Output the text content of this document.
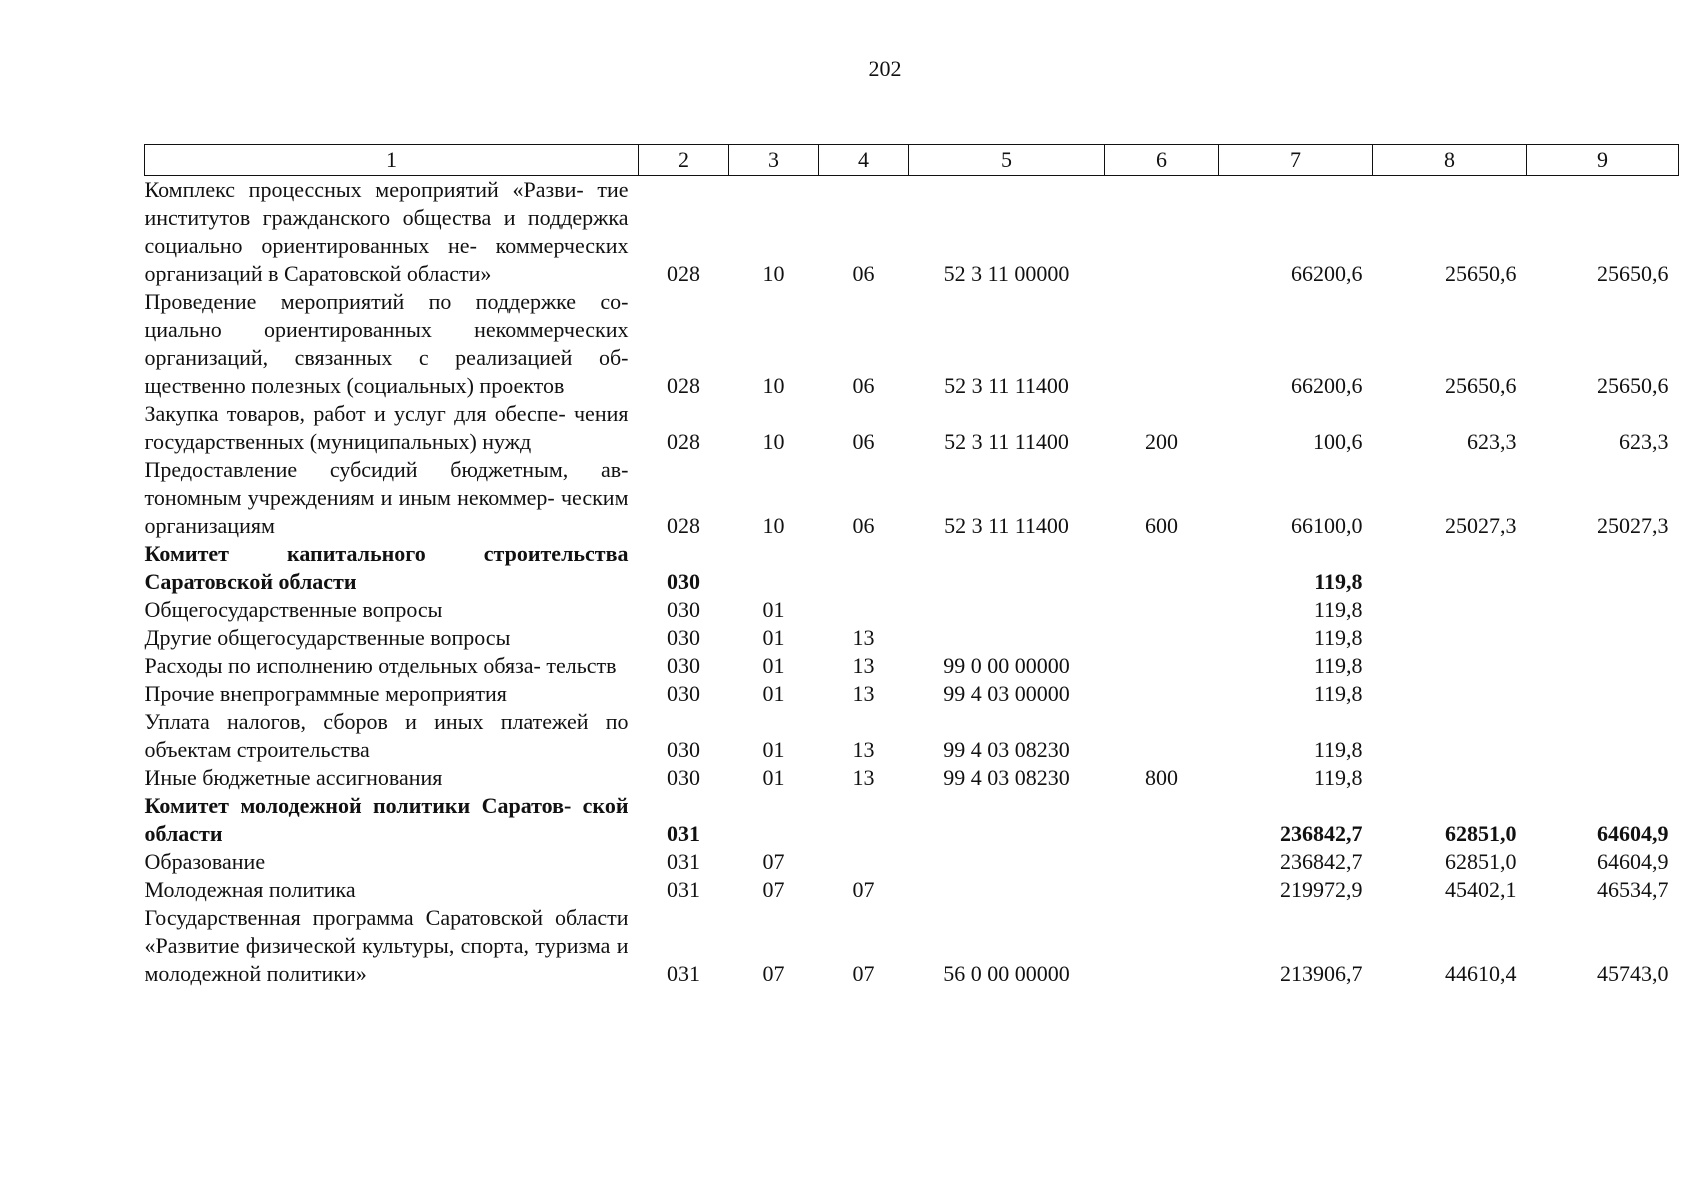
202
1	2	3	4	5	6	7	8	9
Комплекс процессных мероприятий «Разви- тие институтов гражданского общества и поддержка социально ориентированных не- коммерческих организаций в Саратовской области»	028	10	06	52 3 11 00000		66200,6	25650,6	25650,6
Проведение мероприятий по поддержке со- циально ориентированных некоммерческих организаций, связанных с реализацией об- щественно полезных (социальных) проектов	028	10	06	52 3 11 11400		66200,6	25650,6	25650,6
Закупка товаров, работ и услуг для обеспе- чения государственных (муниципальных) нужд	028	10	06	52 3 11 11400	200	100,6	623,3	623,3
Предоставление субсидий бюджетным, ав- тономным учреждениям и иным некоммер- ческим организациям	028	10	06	52 3 11 11400	600	66100,0	25027,3	25027,3
Комитет капитального строительства Саратовской области	030					119,8		
Общегосударственные вопросы	030	01				119,8		
Другие общегосударственные вопросы	030	01	13			119,8		
Расходы по исполнению отдельных обяза- тельств	030	01	13	99 0 00 00000		119,8		
Прочие внепрограммные мероприятия	030	01	13	99 4 03 00000		119,8		
Уплата налогов, сборов и иных платежей по объектам строительства	030	01	13	99 4 03 08230		119,8		
Иные бюджетные ассигнования	030	01	13	99 4 03 08230	800	119,8		
Комитет молодежной политики Саратов- ской области	031					236842,7	62851,0	64604,9
Образование	031	07				236842,7	62851,0	64604,9
Молодежная политика	031	07	07			219972,9	45402,1	46534,7
Государственная программа Саратовской области «Развитие физической культуры, спорта, туризма и молодежной политики»	031	07	07	56 0 00 00000		213906,7	44610,4	45743,0
